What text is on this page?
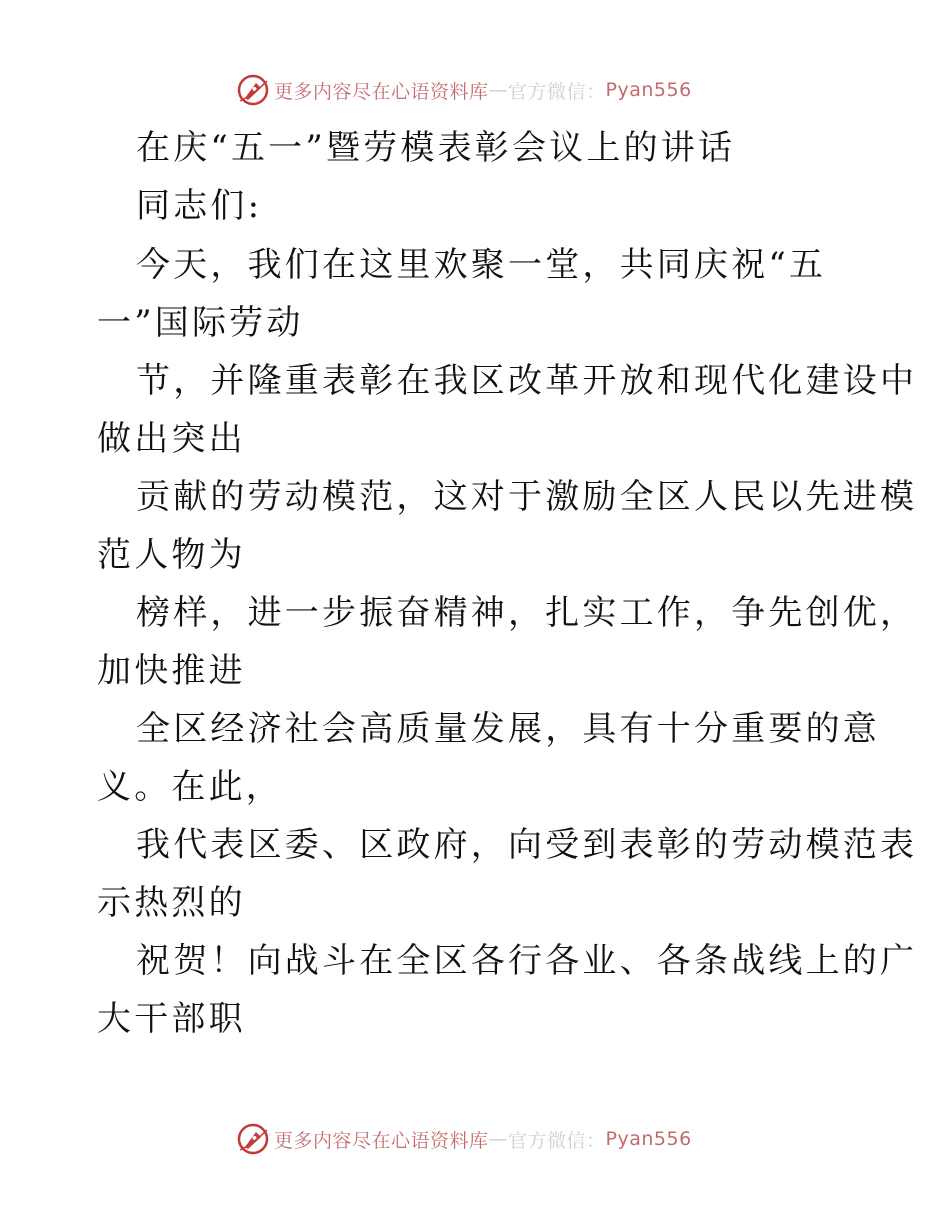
更多内容尽在心语资料库 — 官方微信： Pyan556
在庆“五一”暨劳模表彰会议上的讲话
同志们:
今天，我们在这里欢聚一堂，共同庆祝“五
一”国际劳动
节，并隆重表彰在我区改革开放和现代化建设中
做出突出
贡献的劳动模范，这对于激励全区人民以先进模
范人物为
榜样，进一步振奋精神，扎实工作，争先创优，
加快推进
全区经济社会高质量发展，具有十分重要的意
义。在此，
我代表区委、区政府，向受到表彰的劳动模范表
示热烈的
祝贺！向战斗在全区各行各业、各条战线上的广
大干部职
更多内容尽在心语资料库 — 官方微信： Pyan556
